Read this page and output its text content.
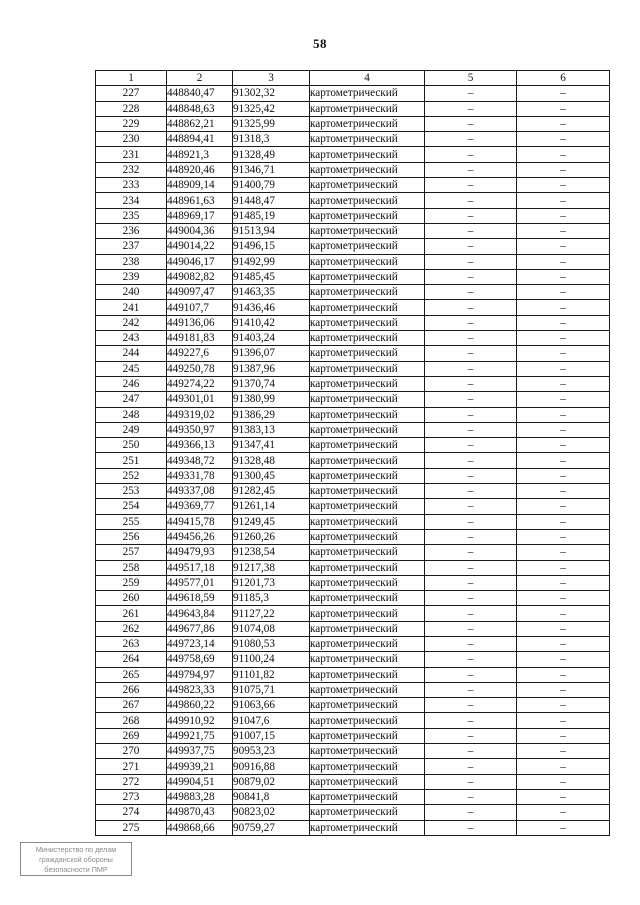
58
1	2	3	4	5	6
227	448840,47	91302,32	картометрический	–	–
228	448848,63	91325,42	картометрический	–	–
229	448862,21	91325,99	картометрический	–	–
230	448894,41	91318,3	картометрический	–	–
231	448921,3	91328,49	картометрический	–	–
232	448920,46	91346,71	картометрический	–	–
233	448909,14	91400,79	картометрический	–	–
234	448961,63	91448,47	картометрический	–	–
235	448969,17	91485,19	картометрический	–	–
236	449004,36	91513,94	картометрический	–	–
237	449014,22	91496,15	картометрический	–	–
238	449046,17	91492,99	картометрический	–	–
239	449082,82	91485,45	картометрический	–	–
240	449097,47	91463,35	картометрический	–	–
241	449107,7	91436,46	картометрический	–	–
242	449136,06	91410,42	картометрический	–	–
243	449181,83	91403,24	картометрический	–	–
244	449227,6	91396,07	картометрический	–	–
245	449250,78	91387,96	картометрический	–	–
246	449274,22	91370,74	картометрический	–	–
247	449301,01	91380,99	картометрический	–	–
248	449319,02	91386,29	картометрический	–	–
249	449350,97	91383,13	картометрический	–	–
250	449366,13	91347,41	картометрический	–	–
251	449348,72	91328,48	картометрический	–	–
252	449331,78	91300,45	картометрический	–	–
253	449337,08	91282,45	картометрический	–	–
254	449369,77	91261,14	картометрический	–	–
255	449415,78	91249,45	картометрический	–	–
256	449456,26	91260,26	картометрический	–	–
257	449479,93	91238,54	картометрический	–	–
258	449517,18	91217,38	картометрический	–	–
259	449577,01	91201,73	картометрический	–	–
260	449618,59	91185,3	картометрический	–	–
261	449643,84	91127,22	картометрический	–	–
262	449677,86	91074,08	картометрический	–	–
263	449723,14	91080,53	картометрический	–	–
264	449758,69	91100,24	картометрический	–	–
265	449794,97	91101,82	картометрический	–	–
266	449823,33	91075,71	картометрический	–	–
267	449860,22	91063,66	картометрический	–	–
268	449910,92	91047,6	картометрический	–	–
269	449921,75	91007,15	картометрический	–	–
270	449937,75	90953,23	картометрический	–	–
271	449939,21	90916,88	картометрический	–	–
272	449904,51	90879,02	картометрический	–	–
273	449883,28	90841,8	картометрический	–	–
274	449870,43	90823,02	картометрический	–	–
275	449868,66	90759,27	картометрический	–	–
Министерство по делам
гражданской обороны
безопасности ПМР
